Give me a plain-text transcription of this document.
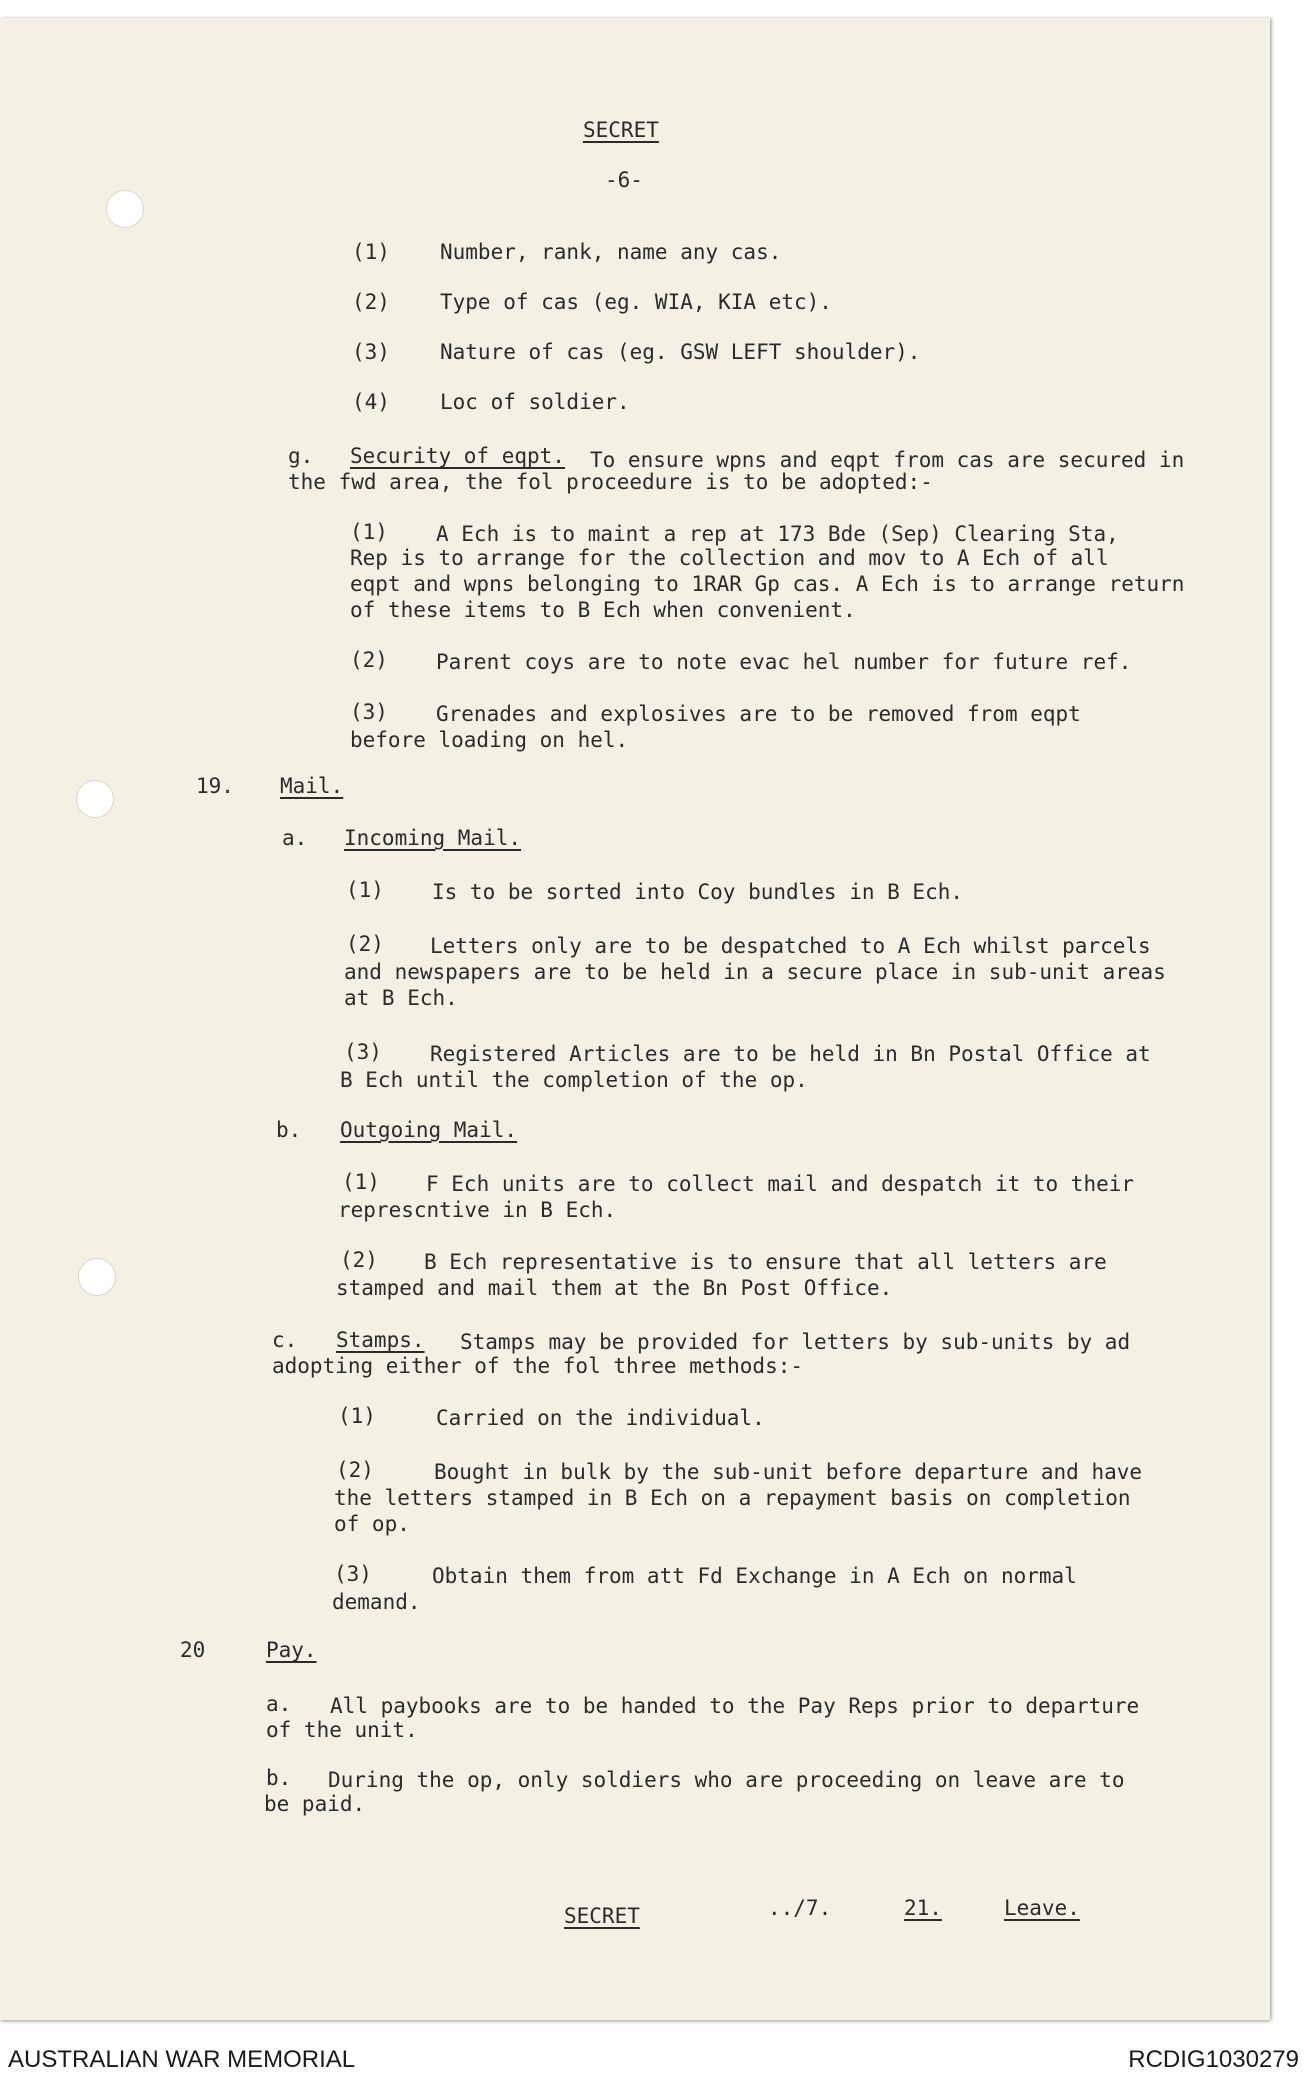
SECRET
-6-
(1) Number, rank, name any cas.
(2) Type of cas (eg. WIA, KIA etc).
(3) Nature of cas (eg. GSW LEFT shoulder).
(4) Loc of soldier.
g. Security of eqpt. To ensure wpns and eqpt from cas are secured in
the fwd area, the fol proceedure is to be adopted:-
(1) A Ech is to maint a rep at 173 Bde (Sep) Clearing Sta,
Rep is to arrange for the collection and mov to A Ech of all
eqpt and wpns belonging to 1RAR Gp cas. A Ech is to arrange return
of these items to B Ech when convenient.
(2) Parent coys are to note evac hel number for future ref.
(3) Grenades and explosives are to be removed from eqpt
before loading on hel.
19. Mail.
a. Incoming Mail.
(1) Is to be sorted into Coy bundles in B Ech.
(2) Letters only are to be despatched to A Ech whilst parcels
and newspapers are to be held in a secure place in sub-unit areas
at B Ech.
(3) Registered Articles are to be held in Bn Postal Office at
B Ech until the completion of the op.
b. Outgoing Mail.
(1) F Ech units are to collect mail and despatch it to their
represcntive in B Ech.
(2) B Ech representative is to ensure that all letters are
stamped and mail them at the Bn Post Office.
c. Stamps. Stamps may be provided for letters by sub-units by ad
adopting either of the fol three methods:-
(1)	Carried on the individual.
(2)	Bought in bulk by the sub-unit before departure and have
the letters stamped in B Ech on a repayment basis on completion
of op.
(3)	Obtain them from att Fd Exchange in A Ech on normal
demand.
20	Pay.
a. All paybooks are to be handed to the Pay Reps prior to departure
of the unit.
b. During the op, only soldiers who are proceeding on leave are to
be paid.
SECRET	../7.	21.	Leave.
AUSTRALIAN WAR MEMORIAL	RCDIG1030279
